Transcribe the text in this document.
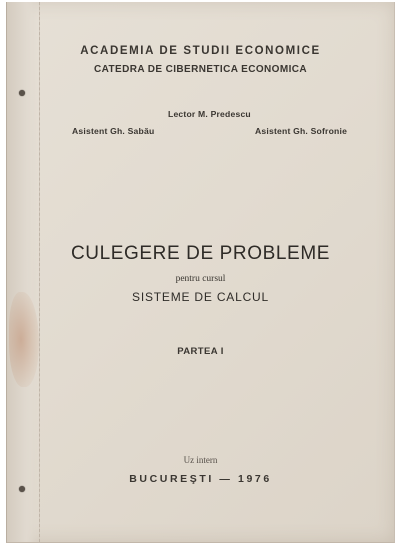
ACADEMIA DE STUDII ECONOMICE
CATEDRA DE CIBERNETICA ECONOMICA
Lector M. Predescu
Asistent Gh. Sabău	Asistent Gh. Sofronie
CULEGERE DE PROBLEME
pentru cursul
SISTEME DE CALCUL
PARTEA I
Uz intern
BUCUREŞTI — 1976
